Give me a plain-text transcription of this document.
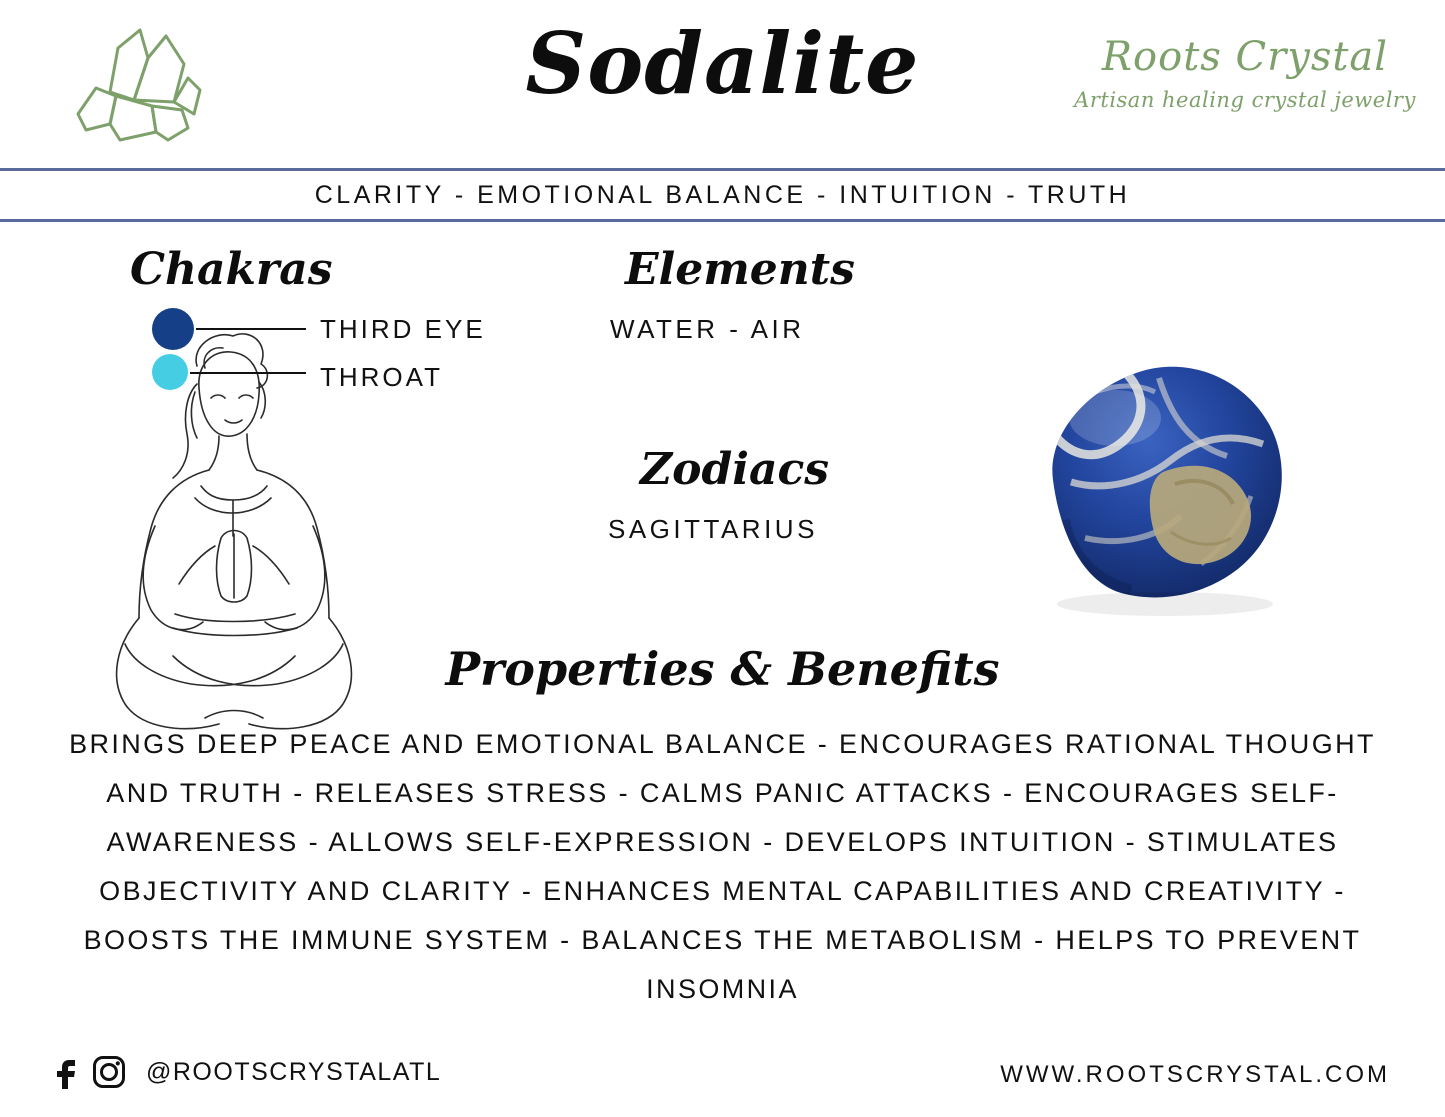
Sodalite	Roots Crystal
Artisan healing crystal jewelry
CLARITY - EMOTIONAL BALANCE - INTUITION - TRUTH
Chakras
THIRD EYE
THROAT
Elements
WATER - AIR
Zodiacs
SAGITTARIUS
Properties & Benefits
BRINGS DEEP PEACE AND EMOTIONAL BALANCE - ENCOURAGES RATIONAL THOUGHT AND TRUTH - RELEASES STRESS - CALMS PANIC ATTACKS - ENCOURAGES SELF-AWARENESS - ALLOWS SELF-EXPRESSION - DEVELOPS INTUITION - STIMULATES OBJECTIVITY AND CLARITY - ENHANCES MENTAL CAPABILITIES AND CREATIVITY - BOOSTS THE IMMUNE SYSTEM - BALANCES THE METABOLISM - HELPS TO PREVENT INSOMNIA
@ROOTSCRYSTALATL	WWW.ROOTSCRYSTAL.COM
